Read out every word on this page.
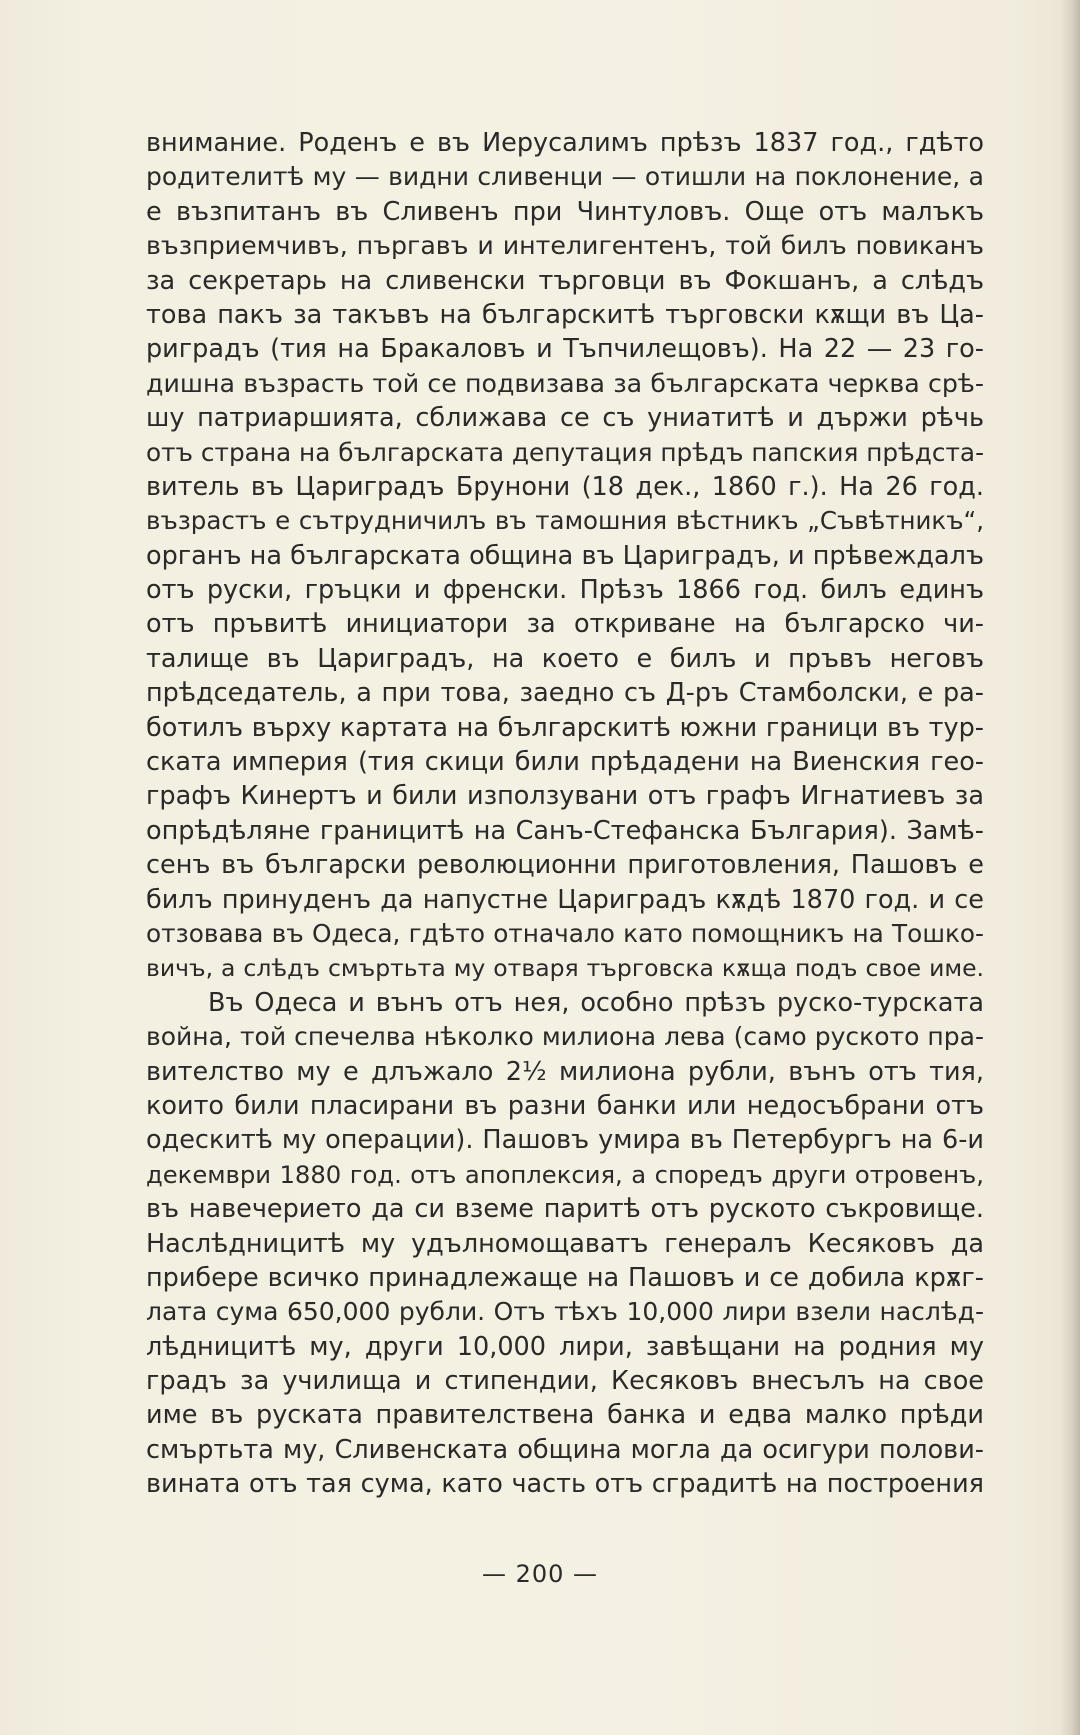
внимание. Роденъ е въ Иерусалимъ прѣзъ 1837 год., гдѣто
родителитѣ му — видни сливенци — отишли на поклонение, а
е възпитанъ въ Сливенъ при Чинтуловъ. Още отъ малъкъ
възприемчивъ, пъргавъ и интелигентенъ, той билъ повиканъ
за секретарь на сливенски търговци въ Фокшанъ, а слѣдъ
това пакъ за такъвъ на българскитѣ търговски кѫщи въ Ца-
риградъ (тия на Бракаловъ и Тъпчилещовъ). На 22 — 23 го-
дишна възрасть той се подвизава за българската черква срѣ-
шу патриаршията, сближава се съ униатитѣ и държи рѣчь
отъ страна на българската депутация прѣдъ папския прѣдста-
витель въ Цариградъ Брунони (18 дек., 1860 г.). На 26 год.
възрастъ е сътрудничилъ въ тамошния вѣстникъ „Съвѣтникъ“,
органъ на българската община въ Цариградъ, и прѣвеждалъ
отъ руски, гръцки и френски. Прѣзъ 1866 год. билъ единъ
отъ пръвитѣ инициатори за откриване на българско чи-
талище въ Цариградъ, на което е билъ и пръвъ неговъ
прѣдседатель, а при това, заедно съ Д-ръ Стамболски, е ра-
ботилъ върху картата на българскитѣ южни граници въ тур-
ската империя (тия скици били прѣдадени на Виенския гео-
графъ Кинертъ и били използувани отъ графъ Игнатиевъ за
опрѣдѣляне границитѣ на Санъ-Стефанска България). Замѣ-
сенъ въ български революционни приготовления, Пашовъ е
билъ принуденъ да напустне Цариградъ кѫдѣ 1870 год. и се
отзовава въ Одеса, гдѣто отначало като помощникъ на Тошко-
вичъ, а слѣдъ смъртьта му отваря търговска кѫща подъ свое име.
Въ Одеса и вънъ отъ нея, особно прѣзъ руско-турската
война, той спечелва нѣколко милиона лева (само руското пра-
вителство му е длъжало 2½ милиона рубли, вънъ отъ тия,
които били пласирани въ разни банки или недосъбрани отъ
одескитѣ му операции). Пашовъ умира въ Петербургъ на 6-и
декември 1880 год. отъ апоплексия, а споредъ други отровенъ,
въ навечерието да си вземе паритѣ отъ руското съкровище.
Наслѣдницитѣ му удълномощаватъ генералъ Кесяковъ да
прибере всичко принадлежаще на Пашовъ и се добила крѫг-
лата сума 650,000 рубли. Отъ тѣхъ 10,000 лири взели наслѣд-
лѣдницитѣ му, други 10,000 лири, завѣщани на родния му
градъ за училища и стипендии, Кесяковъ внесълъ на свое
име въ руската правителствена банка и едва малко прѣди
смъртьта му, Сливенската община могла да осигури полови-
вината отъ тая сума, като часть отъ сградитѣ на построения
— 200 —
